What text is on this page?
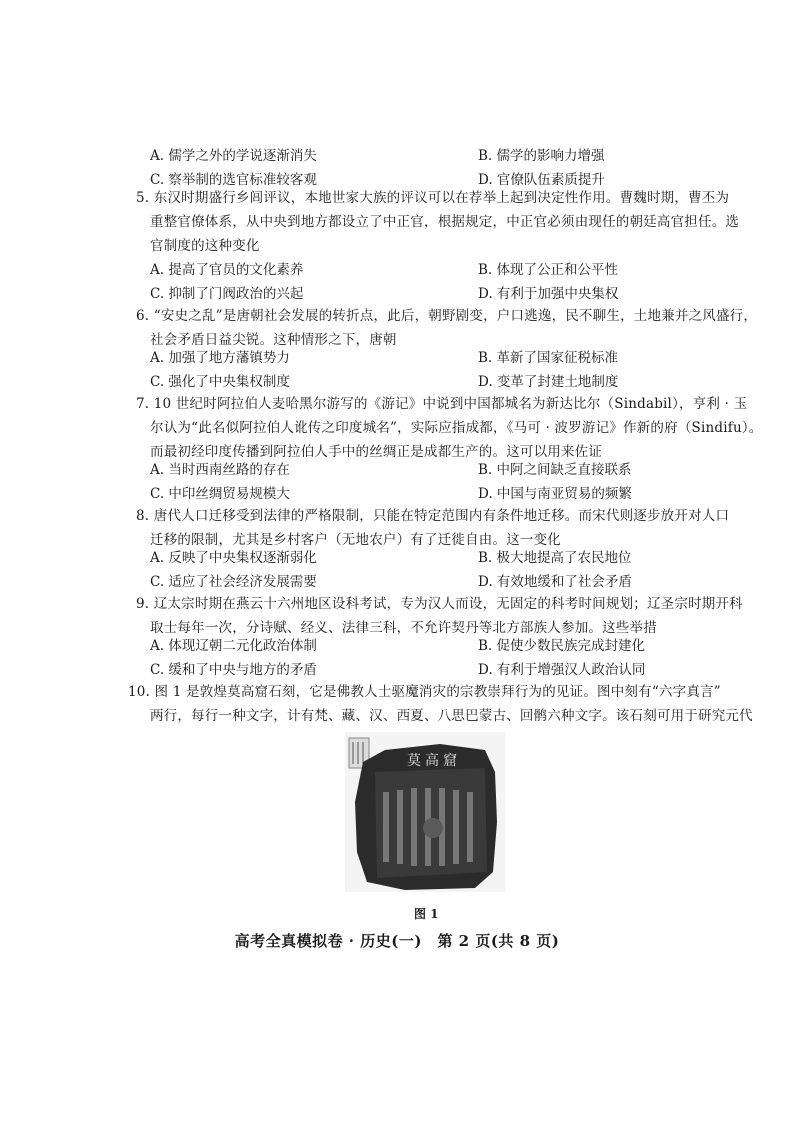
A. 儒学之外的学说逐渐消失	B. 儒学的影响力增强
C. 察举制的选官标准较客观	D. 官僚队伍素质提升
5. 东汉时期盛行乡闾评议，本地世家大族的评议可以在荐举上起到决定性作用。曹魏时期，曹丕为
重整官僚体系，从中央到地方都设立了中正官，根据规定，中正官必须由现任的朝廷高官担任。选
官制度的这种变化
A. 提高了官员的文化素养	B. 体现了公正和公平性
C. 抑制了门阀政治的兴起	D. 有利于加强中央集权
6. “安史之乱”是唐朝社会发展的转折点，此后，朝野剧变，户口逃逸，民不聊生，土地兼并之风盛行，
社会矛盾日益尖锐。这种情形之下，唐朝
A. 加强了地方藩镇势力	B. 革新了国家征税标准
C. 强化了中央集权制度	D. 变革了封建土地制度
7. 10 世纪时阿拉伯人麦哈黑尔游写的《游记》中说到中国都城名为新达比尔（Sindabil），亨利 · 玉
尔认为“此名似阿拉伯人讹传之印度城名”，实际应指成都，《马可 · 波罗游记》作新的府（Sindifu）。
而最初经印度传播到阿拉伯人手中的丝绸正是成都生产的。这可以用来佐证
A. 当时西南丝路的存在	B. 中阿之间缺乏直接联系
C. 中印丝绸贸易规模大	D. 中国与南亚贸易的频繁
8. 唐代人口迁移受到法律的严格限制，只能在特定范围内有条件地迁移。而宋代则逐步放开对人口
迁移的限制，尤其是乡村客户（无地农户）有了迁徙自由。这一变化
A. 反映了中央集权逐渐弱化	B. 极大地提高了农民地位
C. 适应了社会经济发展需要	D. 有效地缓和了社会矛盾
莫高窟
9. 辽太宗时期在燕云十六州地区设科考试，专为汉人而设，无固定的科考时间规划；辽圣宗时期开科
取士每年一次，分诗赋、经义、法律三科，不允许契丹等北方部族人参加。这些举措
A. 体现辽朝二元化政治体制	B. 促使少数民族完成封建化
C. 缓和了中央与地方的矛盾	D. 有利于增强汉人政治认同
10. 图 1 是敦煌莫高窟石刻，它是佛教人士驱魔消灾的宗教崇拜行为的见证。图中刻有“六字真言”
两行，每行一种文字，计有梵、藏、汉、西夏、八思巴蒙古、回鹘六种文字。该石刻可用于研究元代
图 1
高考全真模拟卷 · 历史(一)　第 2 页(共 8 页)
